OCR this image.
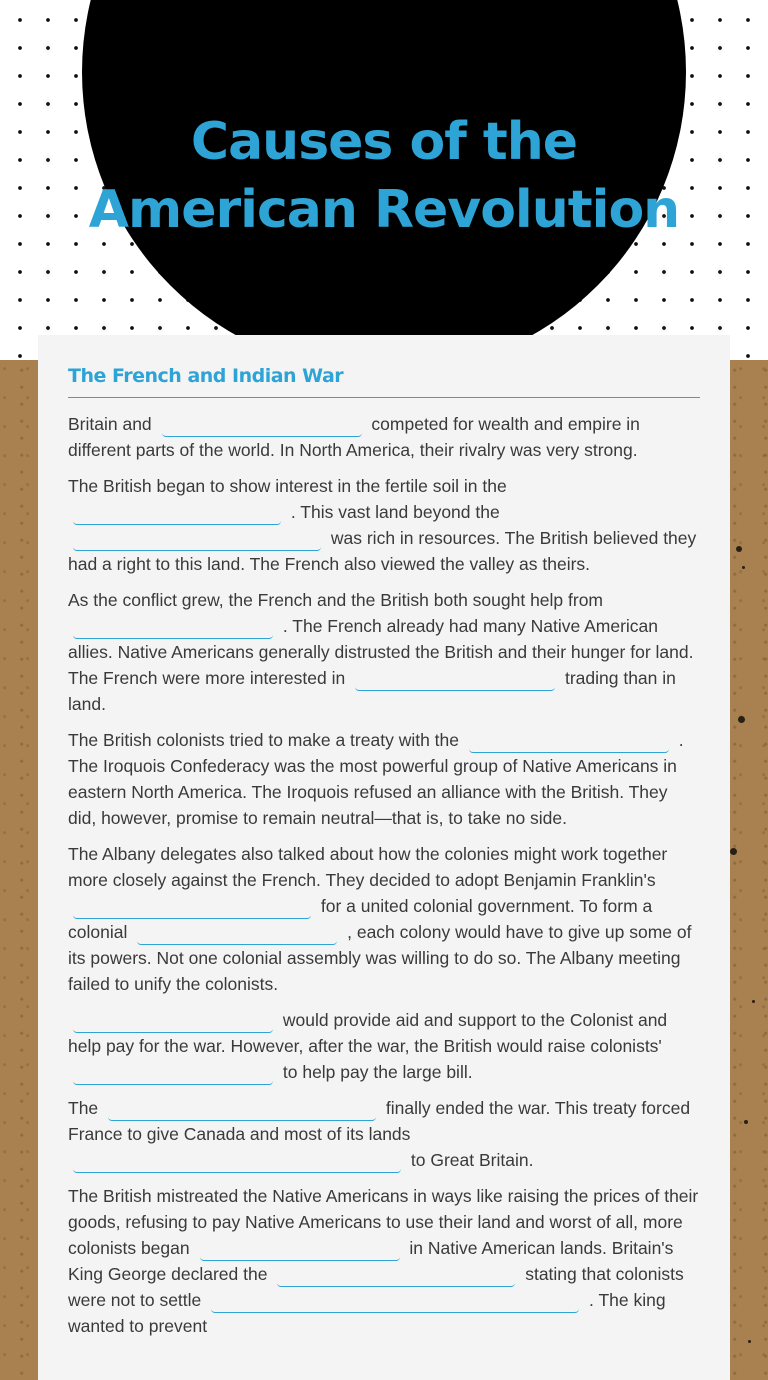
Causes of the
American Revolution
The French and Indian War

Britain and	competed for wealth and empire in different parts of the world. In North America, their rivalry was very strong.

The British began to show interest in the fertile soil in the  . This vast land beyond the  was rich in resources. The British believed they had a right to this land. The French also viewed the valley as theirs.

As the conflict grew, the French and the British both sought help from  . The French already had many Native American allies. Native Americans generally distrusted the British and their hunger for land. The French were more interested in	trading than in land.

The British colonists tried to make a treaty with the	. The Iroquois Confederacy was the most powerful group of Native Americans in eastern North America. The Iroquois refused an alliance with the British. They did, however, promise to remain neutral—that is, to take no side.

The Albany delegates also talked about how the colonies might work together more closely against the French. They decided to adopt Benjamin Franklin's  for a united colonial government. To form a colonial	, each colony would have to give up some of its powers. Not one colonial assembly was willing to do so. The Albany meeting failed to unify the colonists.

would provide aid and support to the Colonist and help pay for the war. However, after the war, the British would raise colonists'  to help pay the large bill.

The	finally ended the war. This treaty forced France to give Canada and most of its lands  to Great Britain.

The British mistreated the Native Americans in ways like raising the prices of their goods, refusing to pay Native Americans to use their land and worst of all, more colonists began	in Native American lands. Britain's King George declared the	stating that colonists were not to settle	. The king wanted to prevent
